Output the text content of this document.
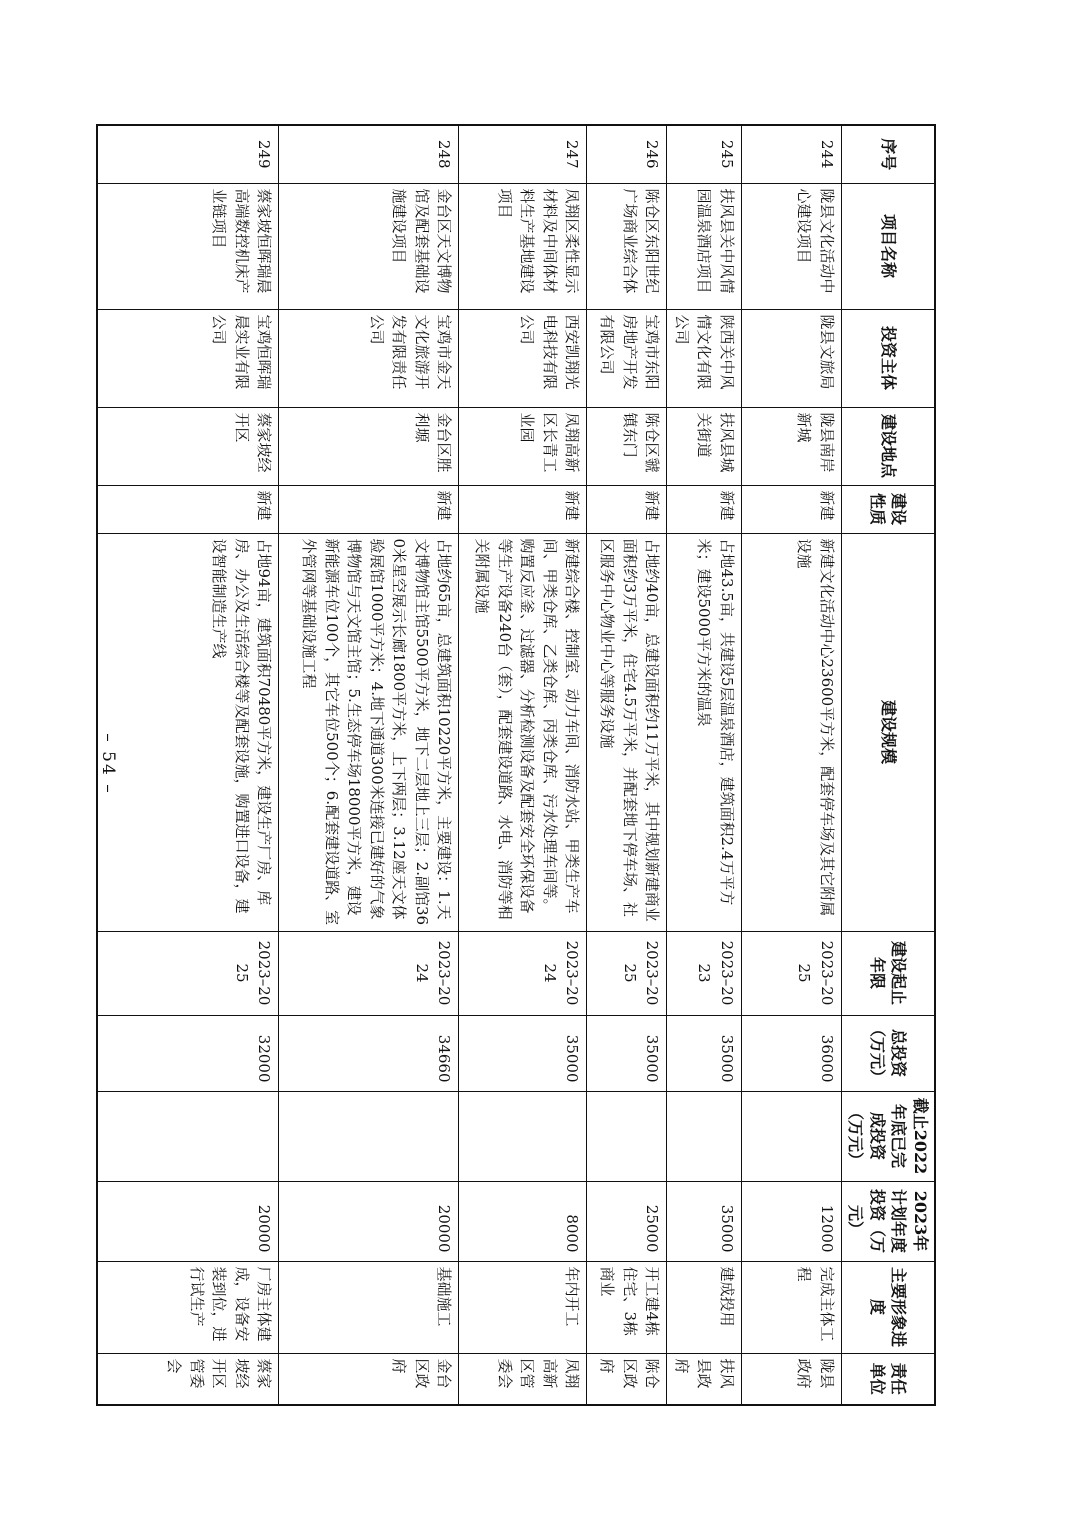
– 54 –
序号	项目名称	投资主体	建设地点	建设性质	建设规模	建设起止年限	总投资（万元）	截止2022年底已完成投资（万元）	2023年计划年度投资（万元）	主要形象进度	责任单位
244	陇县文化活动中心建设项目	陇县文旅局	陇县南岸新城	新建	新建文化活动中心23600平方米，配套停车场及其它附属设施	2023–2025	36000		12000	完成主体工程	陇县政府
245	扶风县关中风情园温泉酒店项目	陕西关中风情文化有限公司	扶风县城关街道	新建	占地43.5亩，共建设5层温泉酒店，建筑面积2.4万平方米；建设5000平方米的温泉	2023–2023	35000		35000	建成投用	扶风县政府
246	陈仓区东阳世纪广场商业综合体	宝鸡市东阳房地产开发有限公司	陈仓区虢镇东门	新建	占地约40亩，总建设面积约11万平米，其中规划新建商业面积约3万平米，住宅4.5万平米，并配套地下停车场、社区服务中心物业中心等服务设施	2023–2025	35000		25000	开工建4栋住宅、3栋商业	陈仓区政府
247	凤翔区柔性显示材料及中间体材料生产基地建设项目	西安凯翔光电科技有限公司	凤翔高新区长青工业园	新建	新建综合楼、控制室、动力车间、消防水站、甲类生产车间、甲类仓库、乙类仓库、丙类仓库、污水处理车间等。购置反应釜、过滤器、分析检测设备及配套安全环保设备等生产设备240台（套），配套建设道路、水电、消防等相关附属设施	2023–2024	35000		8000	年内开工	凤翔高新区管委会
248	金台区天文博物馆及配套基础设施建设项目	宝鸡市金天文化旅游开发有限责任公司	金台区胜利塬	新建	占地约65亩，总建筑面积10220平方米，主要建设：1.天文博物馆主馆5500平方米，地下二层地上三层；2.副馆360米星空展示长廊1800平方米，上下两层；3.12座天文体验展馆1000平方米；4.地下通道300米连接已建好的气象博物馆与天文馆主馆；5.生态停车场18000平方米，建设新能源车位100个，其它车位500个；6.配套建设道路、室外管网等基础设施工程	2023–2024	34660		20000	基础施工	金台区政府
249	蔡家坡恒晖瑞晨高端数控机床产业链项目	宝鸡恒晖瑞晨实业有限公司	蔡家坡经开区	新建	占地94亩，建筑面积70480平方米，建设生产厂房、库房、办公及生活综合楼等及配套设施，购置进口设备，建设智能制造生产线	2023–2025	32000		20000	厂房主体建成，设备安装到位，进行试生产	蔡家坡经开区管委会
